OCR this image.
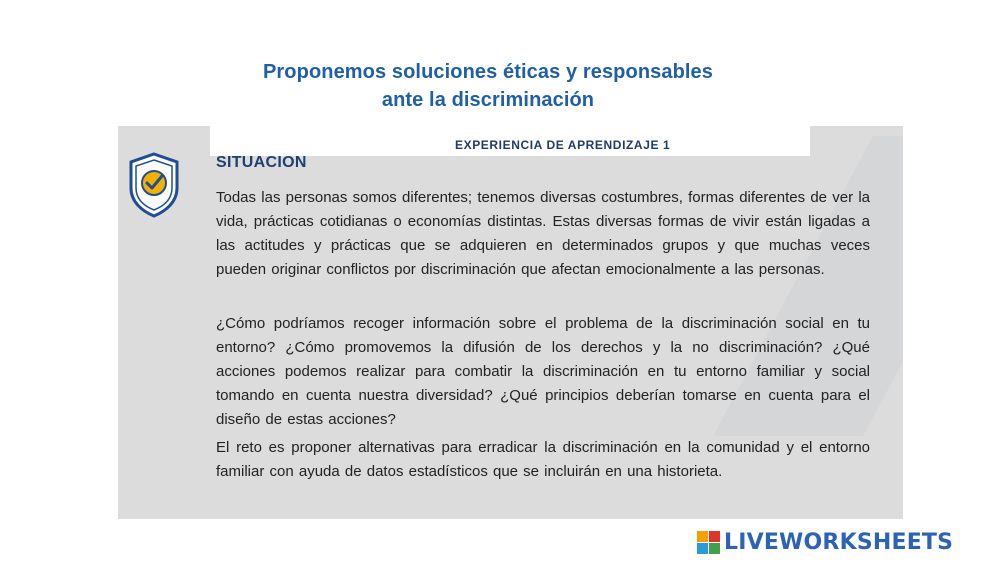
Proponemos soluciones éticas y responsables
ante la discriminación
EXPERIENCIA DE APRENDIZAJE 1
SITUACION

Todas las personas somos diferentes; tenemos diversas costumbres, formas diferentes de ver la vida, prácticas cotidianas o economías distintas. Estas diversas formas de vivir están ligadas a las actitudes y prácticas que se adquieren en determinados grupos y que muchas veces pueden originar conflictos por discriminación que afectan emocionalmente a las personas.

¿Cómo podríamos recoger información sobre el problema de la discriminación social en tu entorno? ¿Cómo promovemos la difusión de los derechos y la no discriminación? ¿Qué acciones podemos realizar para combatir la discriminación en tu entorno familiar y social tomando en cuenta nuestra diversidad? ¿Qué principios deberían tomarse en cuenta para el diseño de estas acciones?

El reto es proponer alternativas para erradicar la discriminación en la comunidad y el entorno familiar con ayuda de datos estadísticos que se incluirán en una historieta.

LIVEWORKSHEETS
